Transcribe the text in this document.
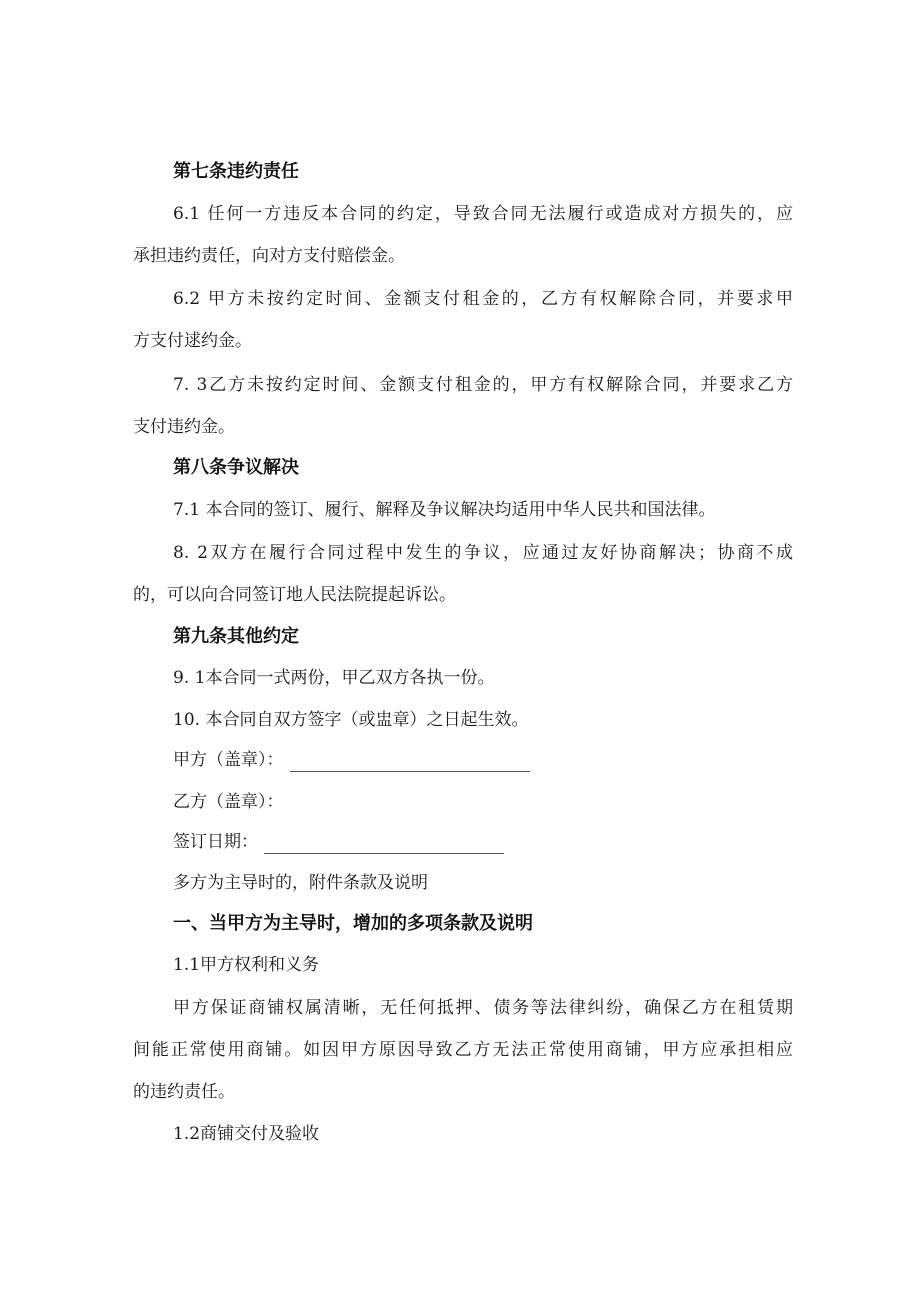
第七条违约责任
6.1 任何一方违反本合同的约定，导致合同无法履行或造成对方损失的，应
承担违约责任，向对方支付赔偿金。
6.2 甲方未按约定时间、金额支付租金的，乙方有权解除合同，并要求甲
方支付逑约金。
7. 3乙方未按约定时间、金额支付租金的，甲方有权解除合同，并要求乙方
支付违约金。
第八条争议解决
7.1 本合同的签订、履行、解释及争议解决均适用中华人民共和国法律。
8. 2双方在履行合同过程中发生的争议，应通过友好协商解决；协商不成
的，可以向合同签订地人民法院提起诉讼。
第九条其他约定
9. 1本合同一式两份，甲乙双方各执一份。
10. 本合同自双方签字（或盅章）之日起生效。
甲方（盖章）：
乙方（盖章）：
签订日期：
多方为主导时的，附件条款及说明
一、当甲方为主导时，增加的多项条款及说明
1.1甲方权利和义务
甲方保证商铺权属清晰，无任何抵押、债务等法律纠纷，确保乙方在租赁期
间能正常使用商铺。如因甲方原因导致乙方无法正常使用商铺，甲方应承担相应
的违约责任。
1.2商铺交付及验收
